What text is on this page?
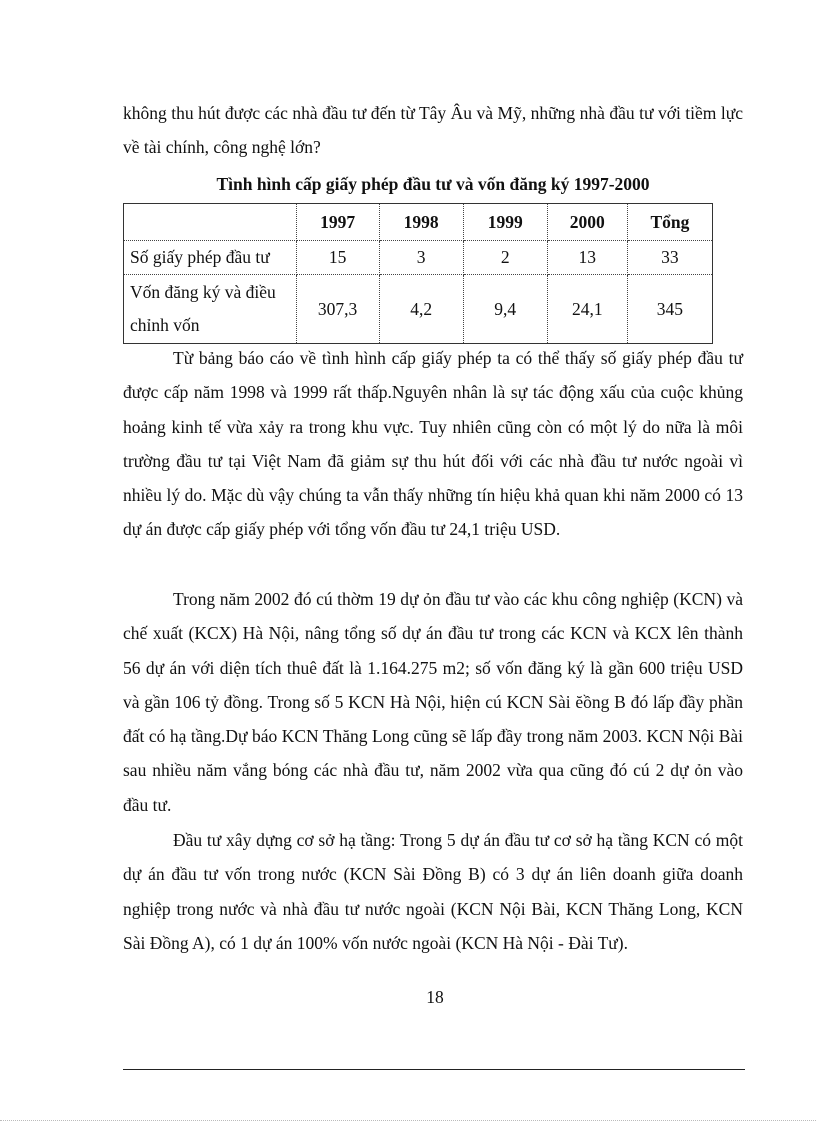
không thu hút được các nhà đầu tư đến từ Tây Âu và Mỹ, những nhà đầu tư với tiềm lực về tài chính, công nghệ lớn?

Tình hình cấp giấy phép đầu tư và vốn đăng ký 1997-2000

	1997	1998	1999	2000	Tổng
Số giấy phép đầu tư	15	3	2	13	33
Vốn đăng ký và điều chỉnh vốn	307,3	4,2	9,4	24,1	345

Từ bảng báo cáo về tình hình cấp giấy phép ta có thể thấy số giấy phép đầu tư được cấp năm 1998 và 1999 rất thấp.Nguyên nhân là sự tác động xấu của cuộc khủng hoảng kinh tế vừa xảy ra trong khu vực. Tuy nhiên cũng còn có một lý do nữa là môi trường đầu tư tại Việt Nam đã giảm sự thu hút đối với các nhà đầu tư nước ngoài vì nhiều lý do. Mặc dù vậy chúng ta vẫn thấy những tín hiệu khả quan khi năm 2000 có 13 dự án được cấp giấy phép với tổng vốn đầu tư 24,1 triệu USD.

Trong năm 2002 đó cú thờm 19 dự ỏn đầu tư vào các khu công nghiệp (KCN) và chế xuất (KCX) Hà Nội, nâng tổng số dự án đầu tư trong các KCN và KCX lên thành 56 dự án với diện tích thuê đất là 1.164.275 m2; số vốn đăng ký là gần 600 triệu USD và gần 106 tỷ đồng. Trong số 5 KCN Hà Nội, hiện cú KCN Sài ĕồng B đó lấp đầy phần đất có hạ tầng.Dự báo KCN Thăng Long cũng sẽ lấp đầy trong năm 2003. KCN Nội Bài sau nhiều năm vắng bóng các nhà đầu tư, năm 2002 vừa qua cũng đó cú 2 dự ỏn vào đầu tư.

Đầu tư xây dựng cơ sở hạ tầng: Trong 5 dự án đầu tư cơ sở hạ tầng KCN có một dự án đầu tư vốn trong nước (KCN Sài Đồng B) có 3 dự án liên doanh giữa doanh nghiệp trong nước và nhà đầu tư nước ngoài (KCN Nội Bài, KCN Thăng Long, KCN Sài Đồng A), có 1 dự án 100% vốn nước ngoài (KCN Hà Nội - Đài Tư).

18
